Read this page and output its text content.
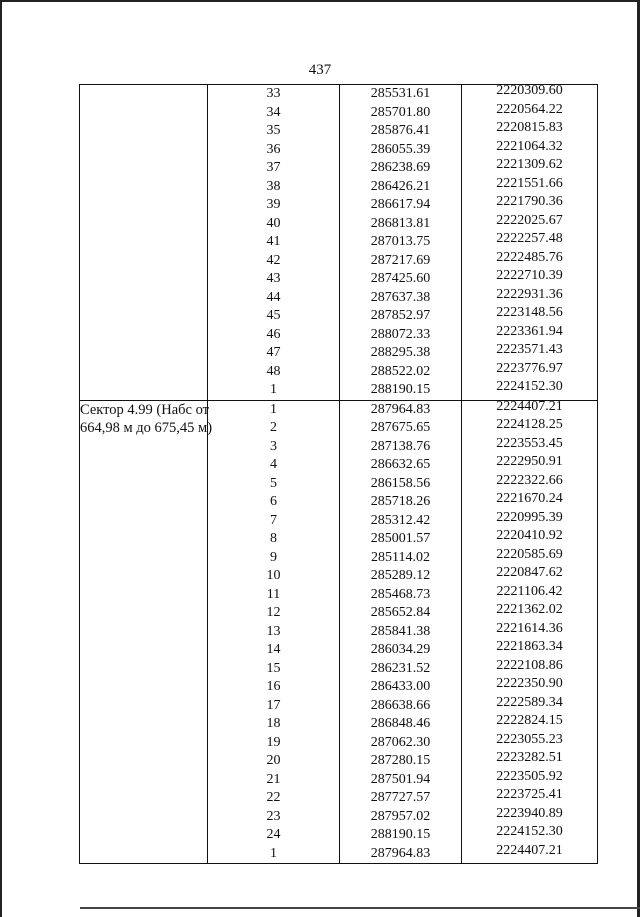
437
	33	285531.61	2220309.60
	34	285701.80	2220564.22
	35	285876.41	2220815.83
	36	286055.39	2221064.32
	37	286238.69	2221309.62
	38	286426.21	2221551.66
	39	286617.94	2221790.36
	40	286813.81	2222025.67
	41	287013.75	2222257.48
	42	287217.69	2222485.76
	43	287425.60	2222710.39
	44	287637.38	2222931.36
	45	287852.97	2223148.56
	46	288072.33	2223361.94
	47	288295.38	2223571.43
	48	288522.02	2223776.97
	1	288190.15	2224152.30

Сектор 4.99 (Набс от	1	287964.83	2224407.21

664,98 м до 675,45 м)	2	287675.65	2224128.25
	3	287138.76	2223553.45
	4	286632.65	2222950.91
	5	286158.56	2222322.66
	6	285718.26	2221670.24
	7	285312.42	2220995.39
	8	285001.57	2220410.92
	9	285114.02	2220585.69
	10	285289.12	2220847.62
	11	285468.73	2221106.42
	12	285652.84	2221362.02
	13	285841.38	2221614.36
	14	286034.29	2221863.34
	15	286231.52	2222108.86
	16	286433.00	2222350.90
	17	286638.66	2222589.34
	18	286848.46	2222824.15
	19	287062.30	2223055.23
	20	287280.15	2223282.51
	21	287501.94	2223505.92
	22	287727.57	2223725.41
	23	287957.02	2223940.89
	24	288190.15	2224152.30
	1	287964.83	2224407.21
